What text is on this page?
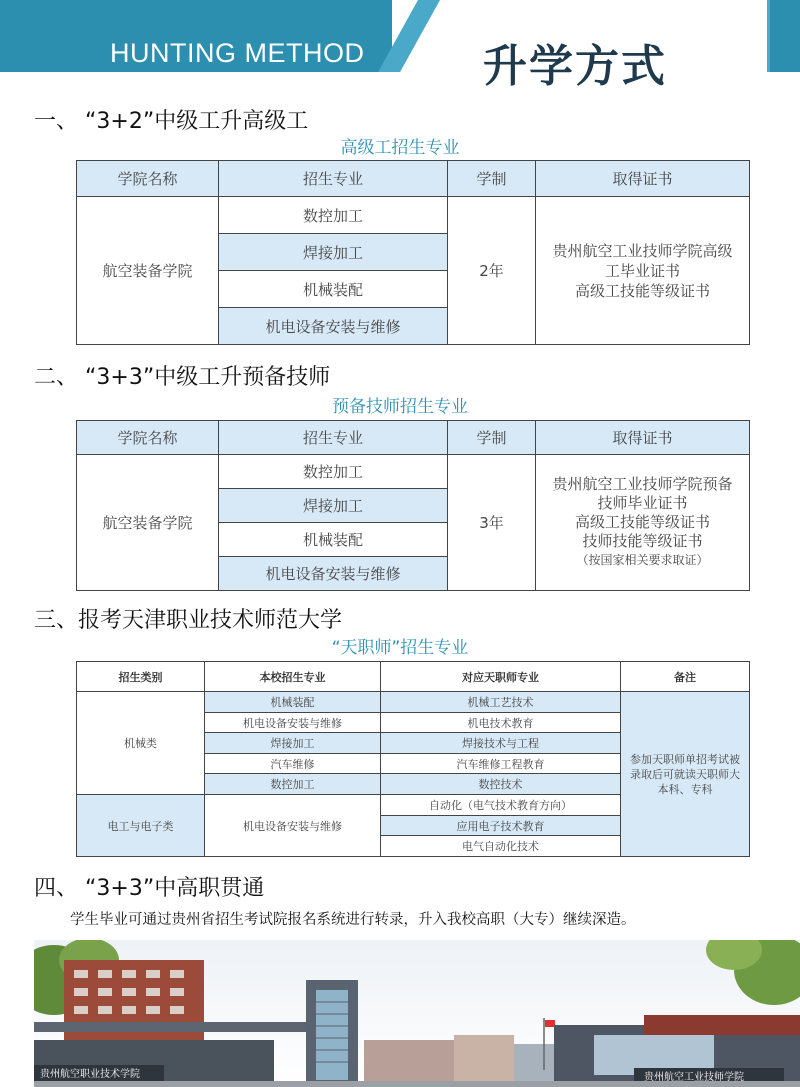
HUNTING METHOD	升学方式
一、 “3+2”中级工升高级工
高级工招生专业
学院名称	招生专业	学制	取得证书
航空装备学院	数控加工	2年	贵州航空工业技师学院高级
工毕业证书
高级工技能等级证书

	焊接加工		
	机械装配		
	机电设备安装与维修		
二、 “3+3”中级工升预备技师
预备技师招生专业
学院名称	招生专业	学制	取得证书
航空装备学院	数控加工	3年	贵州航空工业技师学院预备
技师毕业证书
高级工技能等级证书
技师技能等级证书
（按国家相关要求取证）

	焊接加工		
	机械装配		
	机电设备安装与维修		
三、报考天津职业技术师范大学
“天职师”招生专业
招生类别	本校招生专业	对应天职师专业	备注
机械类	机械装配	机械工艺技术	参加天职师单招考试被录取后可就读天职师大本科、专科
	机电设备安装与维修	机电技术教育	
	焊接加工	焊接技术与工程	
	汽车维修	汽车维修工程教育	
	数控加工	数控技术	
电工与电子类	机电设备安装与维修	自动化（电气技术教育方向）	
		应用电子技术教育	
		电气自动化技术	
四、 “3+3”中高职贯通
学生毕业可通过贵州省招生考试院报名系统进行转录，升入我校高职（大专）继续深造。
贵州航空职业技术学院	贵州航空工业技师学院
